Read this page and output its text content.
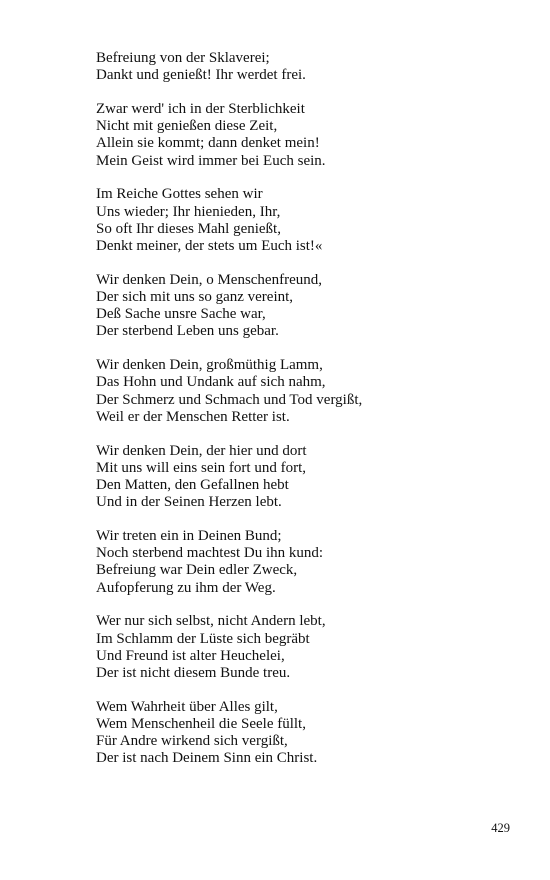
Befreiung von der Sklaverei;
Dankt und genießt! Ihr werdet frei.
Zwar werd' ich in der Sterblichkeit
Nicht mit genießen diese Zeit,
Allein sie kommt; dann denket mein!
Mein Geist wird immer bei Euch sein.
Im Reiche Gottes sehen wir
Uns wieder; Ihr hienieden, Ihr,
So oft Ihr dieses Mahl genießt,
Denkt meiner, der stets um Euch ist!«
Wir denken Dein, o Menschenfreund,
Der sich mit uns so ganz vereint,
Deß Sache unsre Sache war,
Der sterbend Leben uns gebar.
Wir denken Dein, großmüthig Lamm,
Das Hohn und Undank auf sich nahm,
Der Schmerz und Schmach und Tod vergißt,
Weil er der Menschen Retter ist.
Wir denken Dein, der hier und dort
Mit uns will eins sein fort und fort,
Den Matten, den Gefallnen hebt
Und in der Seinen Herzen lebt.
Wir treten ein in Deinen Bund;
Noch sterbend machtest Du ihn kund:
Befreiung war Dein edler Zweck,
Aufopferung zu ihm der Weg.
Wer nur sich selbst, nicht Andern lebt,
Im Schlamm der Lüste sich begräbt
Und Freund ist alter Heuchelei,
Der ist nicht diesem Bunde treu.
Wem Wahrheit über Alles gilt,
Wem Menschenheil die Seele füllt,
Für Andre wirkend sich vergißt,
Der ist nach Deinem Sinn ein Christ.
429
